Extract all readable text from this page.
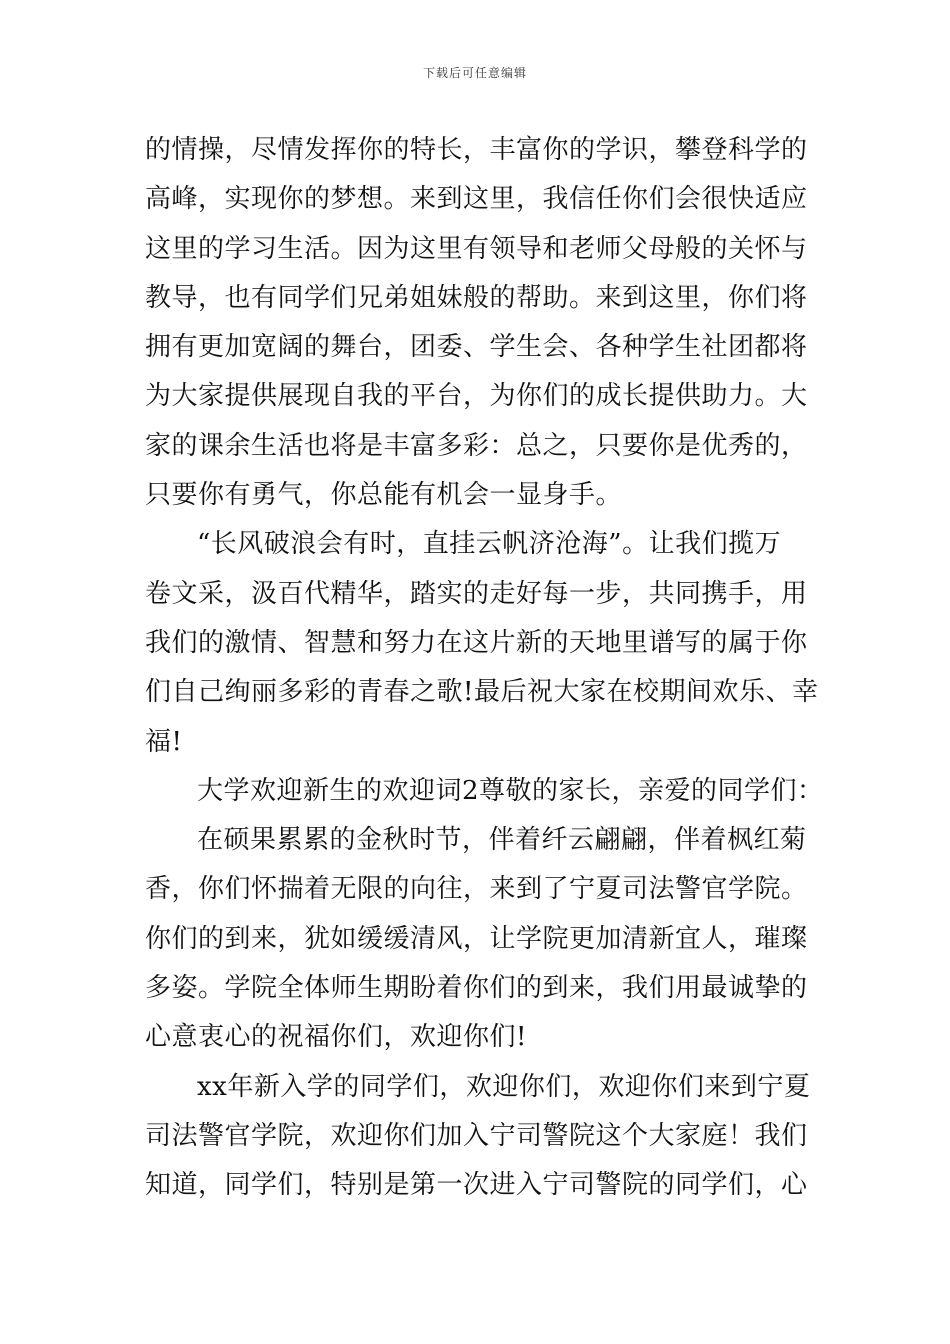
下载后可任意编辑
的情操，尽情发挥你的特长，丰富你的学识，攀登科学的
高峰，实现你的梦想。来到这里，我信任你们会很快适应
这里的学习生活。因为这里有领导和老师父母般的关怀与
教导，也有同学们兄弟姐妹般的帮助。来到这里，你们将
拥有更加宽阔的舞台，团委、学生会、各种学生社团都将
为大家提供展现自我的平台，为你们的成长提供助力。大
家的课余生活也将是丰富多彩：总之，只要你是优秀的，
只要你有勇气，你总能有机会一显身手。
“长风破浪会有时，直挂云帆济沧海”。让我们揽万
卷文采，汲百代精华，踏实的走好每一步，共同携手，用
我们的激情、智慧和努力在这片新的天地里谱写的属于你
们自己绚丽多彩的青春之歌!最后祝大家在校期间欢乐、幸
福!
大学欢迎新生的欢迎词2尊敬的家长，亲爱的同学们：
在硕果累累的金秋时节，伴着纤云翩翩，伴着枫红菊
香，你们怀揣着无限的向往，来到了宁夏司法警官学院。
你们的到来，犹如缓缓清风，让学院更加清新宜人，璀璨
多姿。学院全体师生期盼着你们的到来，我们用最诚挚的
心意衷心的祝福你们，欢迎你们!
xx年新入学的同学们，欢迎你们，欢迎你们来到宁夏
司法警官学院，欢迎你们加入宁司警院这个大家庭！我们
知道，同学们，特别是第一次进入宁司警院的同学们，心
